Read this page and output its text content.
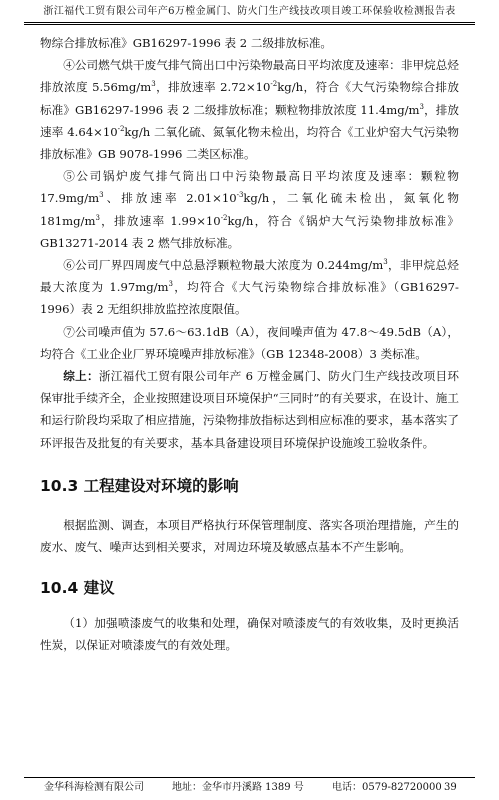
浙江福代工贸有限公司年产6万樘金属门、防火门生产线技改项目竣工环保验收检测报告表

物综合排放标准》GB16297-1996 表 2 二级排放标准。

④公司燃气烘干废气排气筒出口中污染物最高日平均浓度及速率：非甲烷总烃排放浓度 $5.56mg/m^3$，排放速率 $2.72\times 10^{-2}kg/h$，符合《大气污染物综合排放标准》GB16297-1996 表 2 二级排放标准；颗粒物排放浓度 $11.4mg/m^3$，排放速率 $4.64\times 10^{-2}kg/h$ 二氧化硫、氮氧化物未检出，均符合《工业炉窑大气污染物排放标准》GB 9078-1996 二类区标准。

⑤公司锅炉废气排气筒出口中污染物最高日平均浓度及速率：颗粒物 $17.9mg/m^3$、排放速率 $2.01\times 10^{-3}kg/h$，二氧化硫未检出，氮氧化物 $181mg/m^3$，排放速率 $1.99\times 10^{-2}kg/h$，符合《锅炉大气污染物排放标准》GB13271-2014 表 2 燃气排放标准。

⑥公司厂界四周废气中总悬浮颗粒物最大浓度为 $0.244mg/m^3$，非甲烷总烃最大浓度为 $1.97mg/m^3$，均符合《大气污染物综合排放标准》（GB16297-1996）表 2 无组织排放监控浓度限值。

⑦公司噪声值为 57.6～63.1dB（A），夜间噪声值为 47.8～49.5dB（A），均符合《工业企业厂界环境噪声排放标准》（GB 12348-2008）3 类标准。

综上：浙江福代工贸有限公司年产 6 万樘金属门、防火门生产线技改项目环保审批手续齐全，企业按照建设项目环境保护“三同时”的有关要求，在设计、施工和运行阶段均采取了相应措施，污染物排放指标达到相应标准的要求，基本落实了环评报告及批复的有关要求，基本具备建设项目环境保护设施竣工验收条件。

10.3 工程建设对环境的影响

根据监测、调查，本项目严格执行环保管理制度、落实各项治理措施，产生的废水、废气、噪声达到相关要求，对周边环境及敏感点基本不产生影响。

10.4 建议

（1）加强喷漆废气的收集和处理，确保对喷漆废气的有效收集，及时更换活性炭，以保证对喷漆废气的有效处理。

金华科海检测有限公司	地址：金华市丹溪路 1389 号	电话：0579-82720000 39
